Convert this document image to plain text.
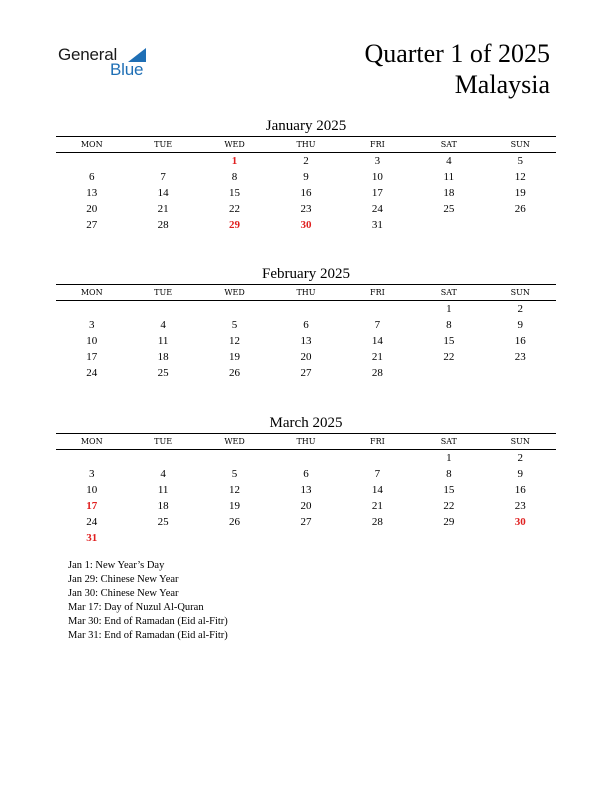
General
Blue
Quarter 1 of 2025
Malaysia
January 2025
MON	TUE	WED	THU	FRI	SAT	SUN
		1	2	3	4	5
6	7	8	9	10	11	12
13	14	15	16	17	18	19
20	21	22	23	24	25	26
27	28	29	30	31		
February 2025
MON	TUE	WED	THU	FRI	SAT	SUN
					1	2
3	4	5	6	7	8	9
10	11	12	13	14	15	16
17	18	19	20	21	22	23
24	25	26	27	28		
March 2025
MON	TUE	WED	THU	FRI	SAT	SUN
					1	2
3	4	5	6	7	8	9
10	11	12	13	14	15	16
17	18	19	20	21	22	23
24	25	26	27	28	29	30
31						
Jan 1: New Year’s Day
Jan 29: Chinese New Year
Jan 30: Chinese New Year
Mar 17: Day of Nuzul Al-Quran
Mar 30: End of Ramadan (Eid al-Fitr)
Mar 31: End of Ramadan (Eid al-Fitr)
